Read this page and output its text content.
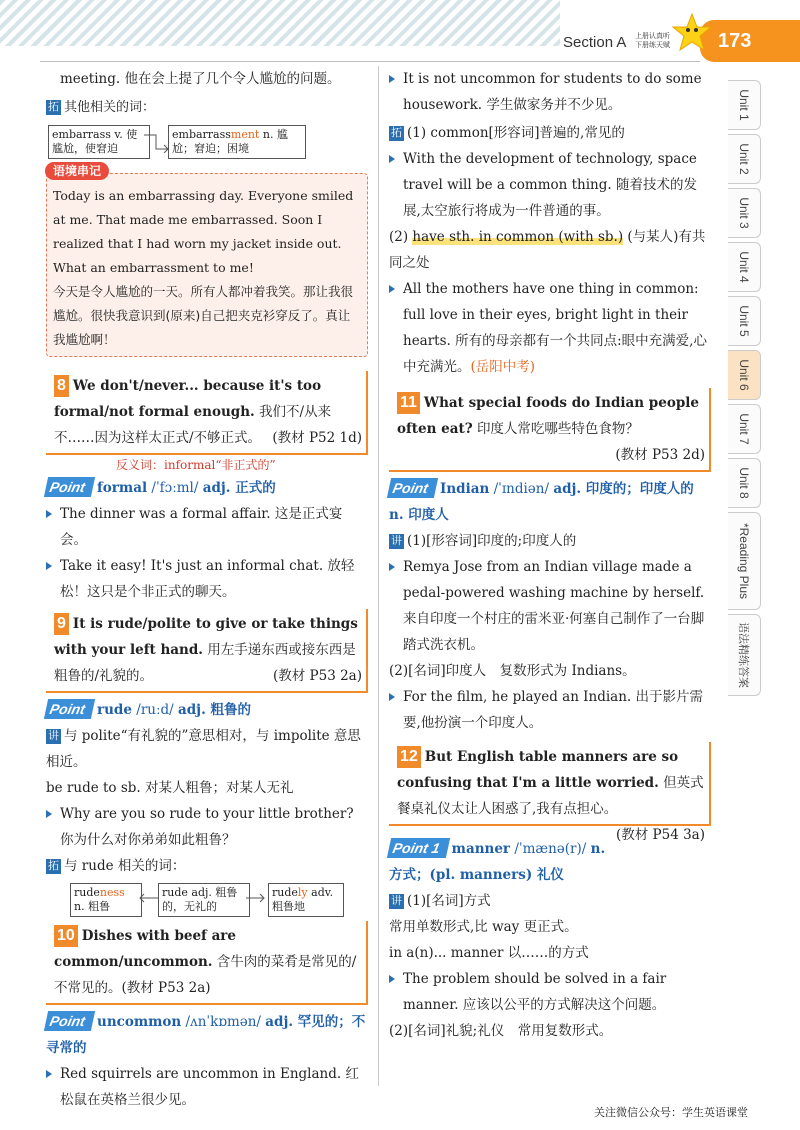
Section A 上册认真听
下册练天赋 173

meeting. 他在会上提了几个令人尴尬的问题。

拓 其他相关的词：

embarrass v. 使尴尬，使窘迫
embarrassment n. 尴尬；窘迫；困境
语境串记
Today is an embarrassing day. Everyone smiled at me. That made me embarrassed. Soon I realized that I had worn my jacket inside out. What an embarrassment to me!
今天是令人尴尬的一天。所有人都冲着我笑。那让我很尴尬。很快我意识到(原来)自己把夹克衫穿反了。真让我尴尬啊！
8 We don't/never... because it's too formal/not formal enough. 我们不/从来不……因为这样太正式/不够正式。 (教材 P52 1d)
反义词：informal“非正式的”

Point formal /ˈfɔːml/ adj. 正式的

The dinner was a formal affair. 这是正式宴会。
Take it easy! It's just an informal chat. 放轻松！这只是个非正式的聊天。
9 It is rude/polite to give or take things with your left hand. 用左手递东西或接东西是粗鲁的/礼貌的。	(教材 P53 2a)

Point rude /ruːd/ adj. 粗鲁的

讲 与 polite“有礼貌的”意思相对，与 impolite 意思相近。

be rude to sb. 对某人粗鲁；对某人无礼

Why are you so rude to your little brother? 你为什么对你弟弟如此粗鲁？

拓 与 rude 相关的词：

rudeness n. 粗鲁
rude adj. 粗鲁的，无礼的
rudely adv. 粗鲁地
10 Dishes with beef are common/uncommon. 含牛肉的菜肴是常见的/不常见的。(教材 P53 2a)

Point uncommon /ʌnˈkɒmən/ adj. 罕见的；不寻常的

Red squirrels are uncommon in England. 红松鼠在英格兰很少见。
It is not uncommon for students to do some housework. 学生做家务并不少见。

拓 (1) common[形容词]普遍的,常见的

With the development of technology, space travel will be a common thing. 随着技术的发展,太空旅行将成为一件普通的事。

(2) have sth. in common (with sb.) (与某人)有共同之处

All the mothers have one thing in common: full love in their eyes, bright light in their hearts. 所有的母亲都有一个共同点:眼中充满爱,心中充满光。(岳阳中考)
11 What special foods do Indian people often eat? 印度人常吃哪些特色食物？
(教材 P53 2d)

Point Indian /ˈɪndiən/ adj. 印度的；印度人的 n. 印度人

讲 (1)[形容词]印度的;印度人的

Remya Jose from an Indian village made a pedal-powered washing machine by herself. 来自印度一个村庄的雷米亚·何塞自己制作了一台脚踏式洗衣机。

(2)[名词]印度人　复数形式为 Indians。

For the film, he played an Indian. 出于影片需要,他扮演一个印度人。
12 But English table manners are so confusing that I'm a little worried. 但英式餐桌礼仪太让人困惑了,我有点担心。
(教材 P54 3a)

Point 1 manner /ˈmænə(r)/ n. 方式；(pl. manners) 礼仪

讲 (1)[名词]方式

常用单数形式,比 way 更正式。

in a(n)... manner 以……的方式

The problem should be solved in a fair manner. 应该以公平的方式解决这个问题。

(2)[名词]礼貌;礼仪　常用复数形式。

Unit 1
Unit 2
Unit 3
Unit 4
Unit 5
Unit 6
Unit 7
Unit 8
*Reading Plus
语法精练答案
关注微信公众号：学生英语课堂
